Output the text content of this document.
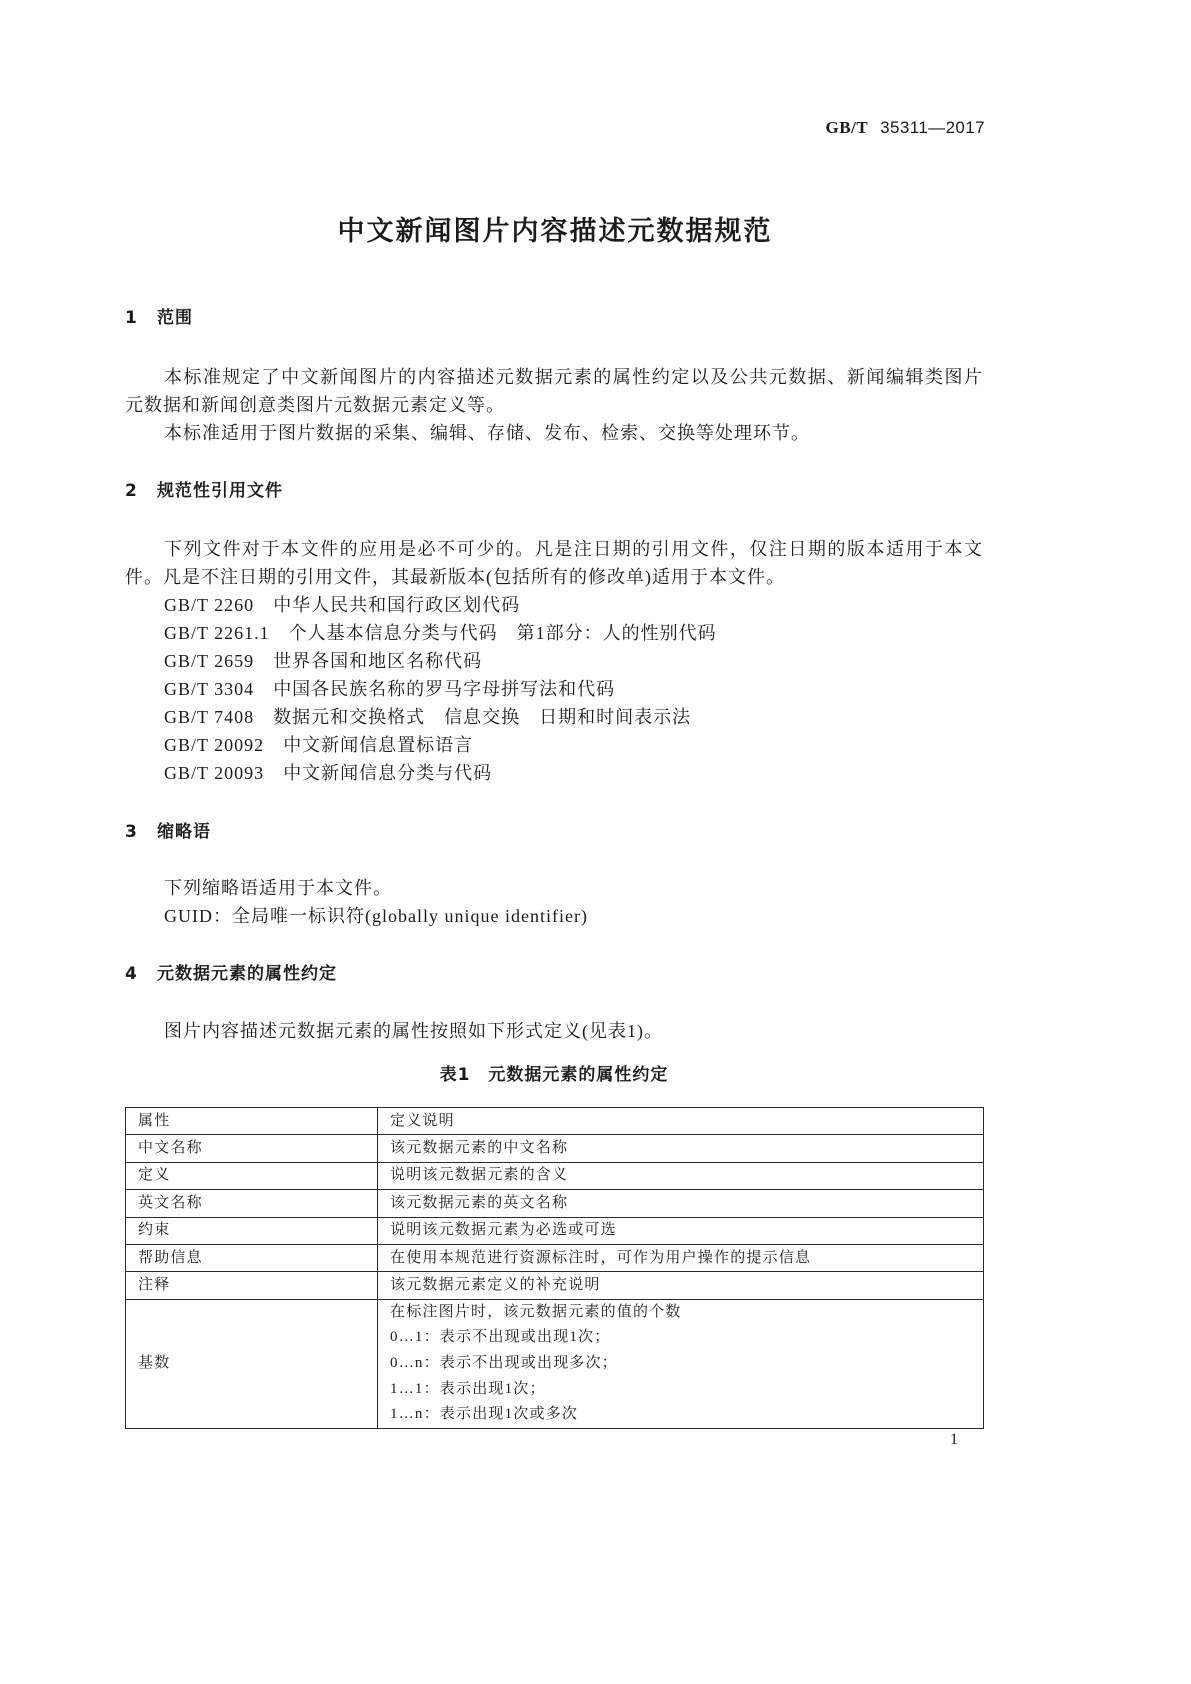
GB/T 35311—2017
中文新闻图片内容描述元数据规范
1 范围
本标准规定了中文新闻图片的内容描述元数据元素的属性约定以及公共元数据、新闻编辑类图片
元数据和新闻创意类图片元数据元素定义等。
本标准适用于图片数据的采集、编辑、存储、发布、检索、交换等处理环节。
2 规范性引用文件
下列文件对于本文件的应用是必不可少的。凡是注日期的引用文件，仅注日期的版本适用于本文
件。凡是不注日期的引用文件，其最新版本(包括所有的修改单)适用于本文件。
GB/T 2260 中华人民共和国行政区划代码
GB/T 2261.1 个人基本信息分类与代码　第1部分：人的性别代码
GB/T 2659 世界各国和地区名称代码
GB/T 3304 中国各民族名称的罗马字母拼写法和代码
GB/T 7408 数据元和交换格式　信息交换　日期和时间表示法
GB/T 20092 中文新闻信息置标语言
GB/T 20093 中文新闻信息分类与代码
3 缩略语
下列缩略语适用于本文件。
GUID：全局唯一标识符(globally unique identifier)
4 元数据元素的属性约定
图片内容描述元数据元素的属性按照如下形式定义(见表1)。
表1　元数据元素的属性约定
属性	定义说明
中文名称	该元数据元素的中文名称
定义	说明该元数据元素的含义
英文名称	该元数据元素的英文名称
约束	说明该元数据元素为必选或可选
帮助信息	在使用本规范进行资源标注时，可作为用户操作的提示信息
注释	该元数据元素定义的补充说明
基数	在标注图片时，该元数据元素的值的个数
0…1：表示不出现或出现1次；
0…n：表示不出现或出现多次；
1…1：表示出现1次；
1…n：表示出现1次或多次
1
